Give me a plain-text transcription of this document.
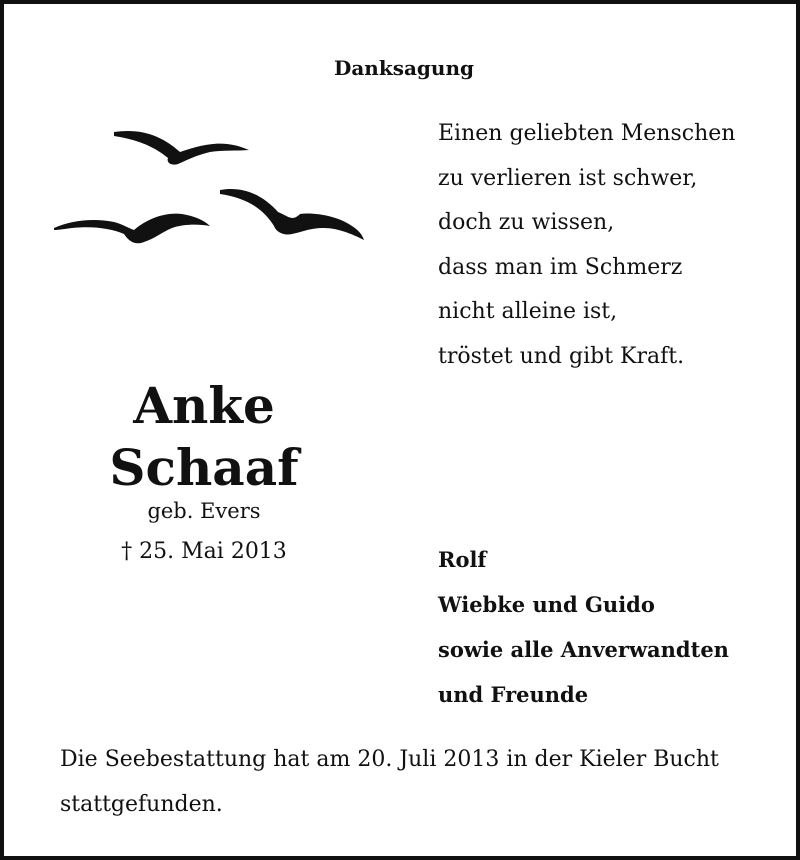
Danksagung
Einen geliebten Menschen
zu verlieren ist schwer,
doch zu wissen,
dass man im Schmerz
nicht alleine ist,
tröstet und gibt Kraft.
Anke
Schaaf
geb. Evers
† 25. Mai 2013	Rolf
Wiebke und Guido
sowie alle Anverwandten
und Freunde
Die Seebestattung hat am 20. Juli 2013 in der Kieler Bucht
stattgefunden.
